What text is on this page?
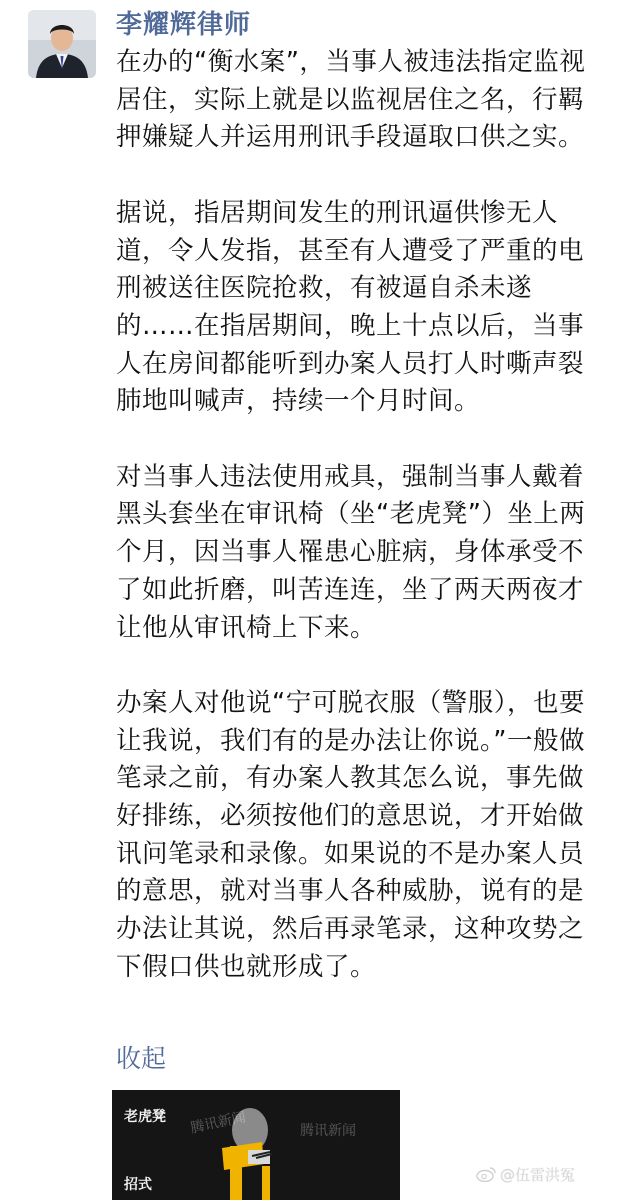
李耀辉律师

在办的“衡水案”，当事人被违法指定监视居住，实际上就是以监视居住之名，行羁押嫌疑人并运用刑讯手段逼取口供之实。

据说，指居期间发生的刑讯逼供惨无人道，令人发指，甚至有人遭受了严重的电刑被送往医院抢救，有被逼自杀未遂的……在指居期间，晚上十点以后，当事人在房间都能听到办案人员打人时嘶声裂肺地叫喊声，持续一个月时间。

对当事人违法使用戒具，强制当事人戴着黑头套坐在审讯椅（坐“老虎凳”）坐上两个月，因当事人罹患心脏病，身体承受不了如此折磨，叫苦连连，坐了两天两夜才让他从审讯椅上下来。

办案人对他说“宁可脱衣服（警服），也要让我说，我们有的是办法让你说。”一般做笔录之前，有办案人教其怎么说，事先做好排练，必须按他们的意思说，才开始做讯问笔录和录像。如果说的不是办案人员的意思，就对当事人各种威胁，说有的是办法让其说，然后再录笔录，这种攻势之下假口供也就形成了。

收起
老虎凳
招式
腾讯新闻	腾讯新闻
@伍雷洪冤
